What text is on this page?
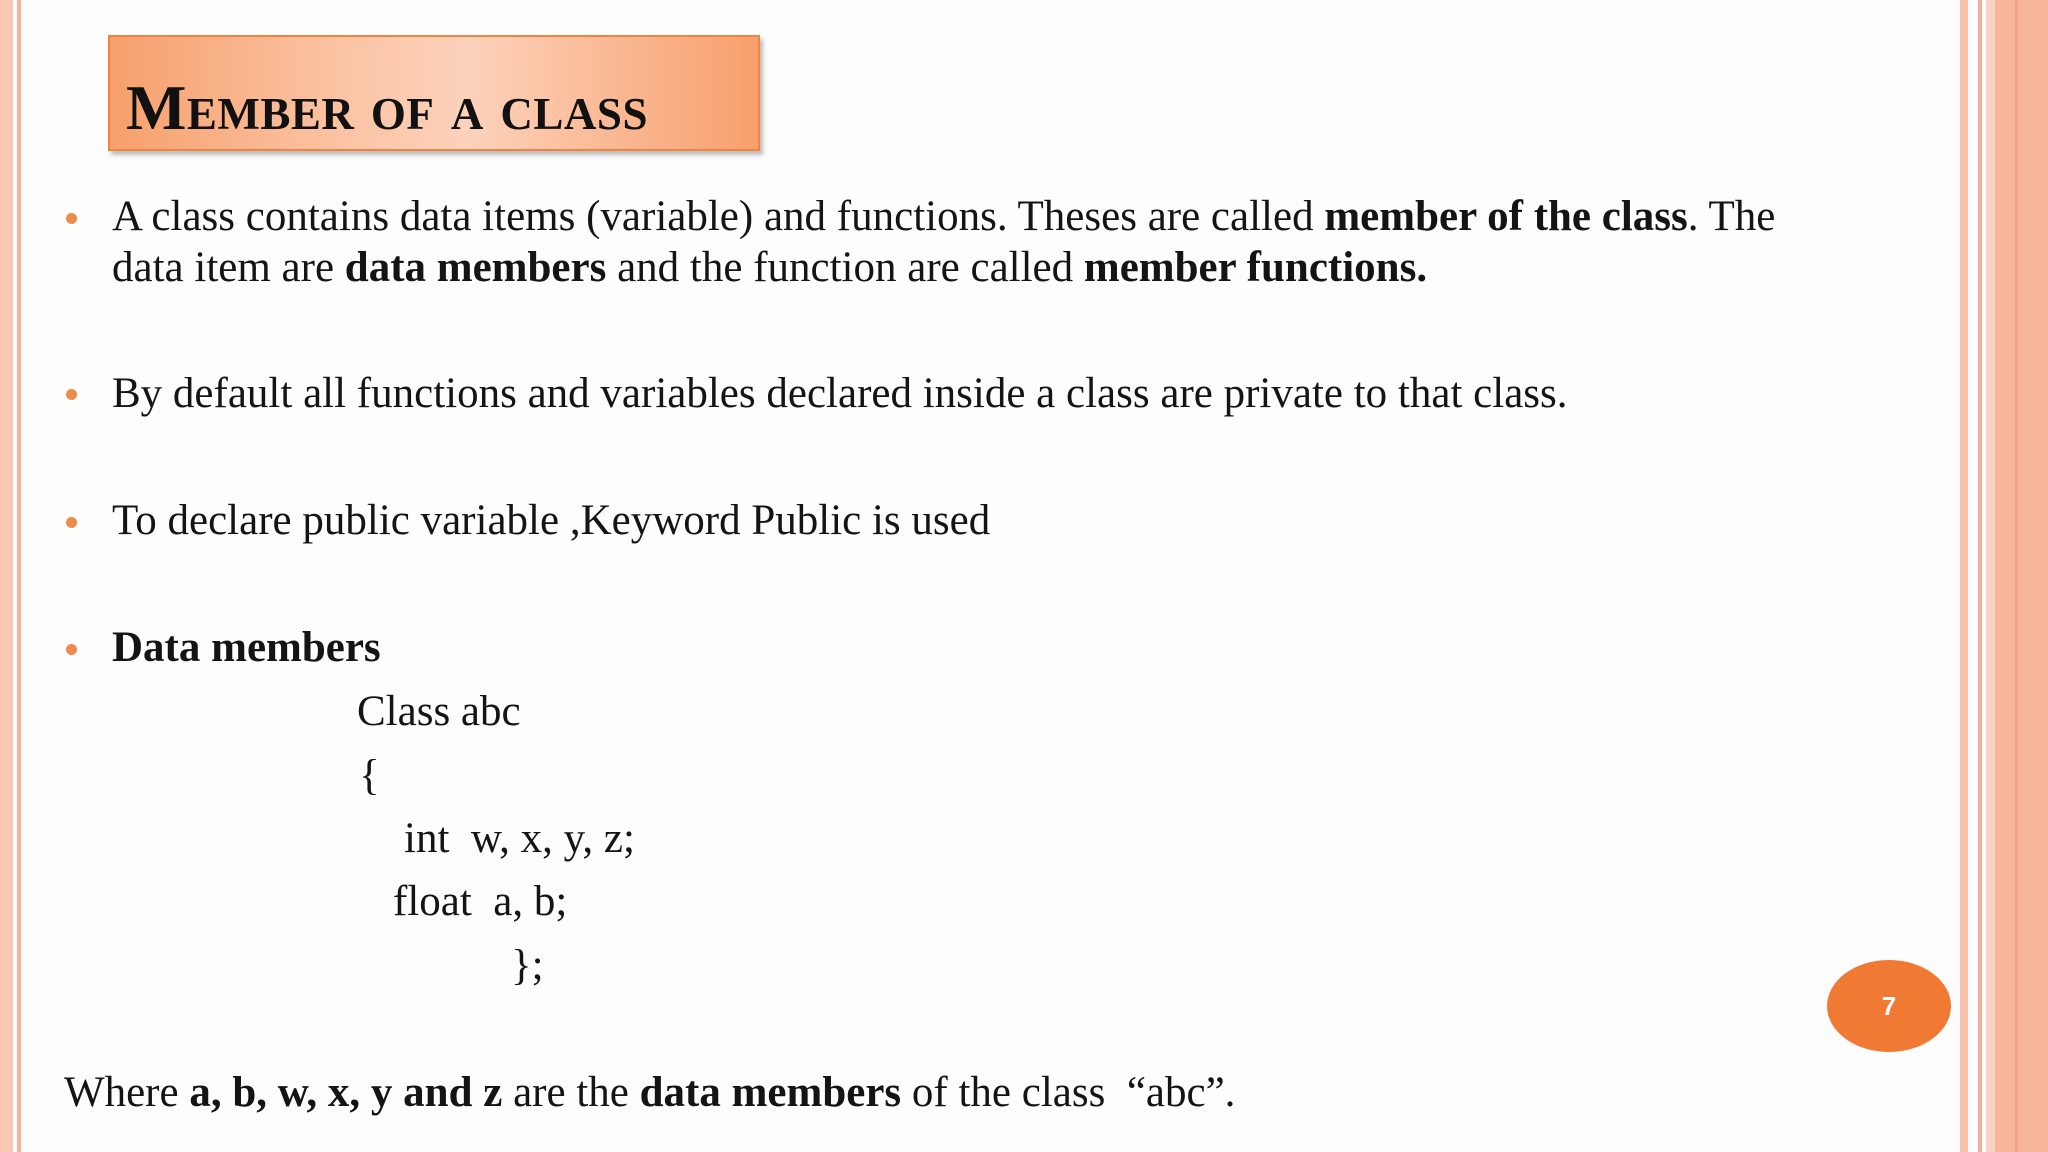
Member of a class
A class contains data items (variable) and functions. Theses are called member of the class. The
data item are data members and the function are called member functions.
By default all functions and variables declared inside a class are private to that class.
To declare public variable ,Keyword Public is used
Data members
Class abc
{
int  w, x, y, z;
float  a, b;
};
7
Where a, b, w, x, y and z are the data members of the class  “abc”.
